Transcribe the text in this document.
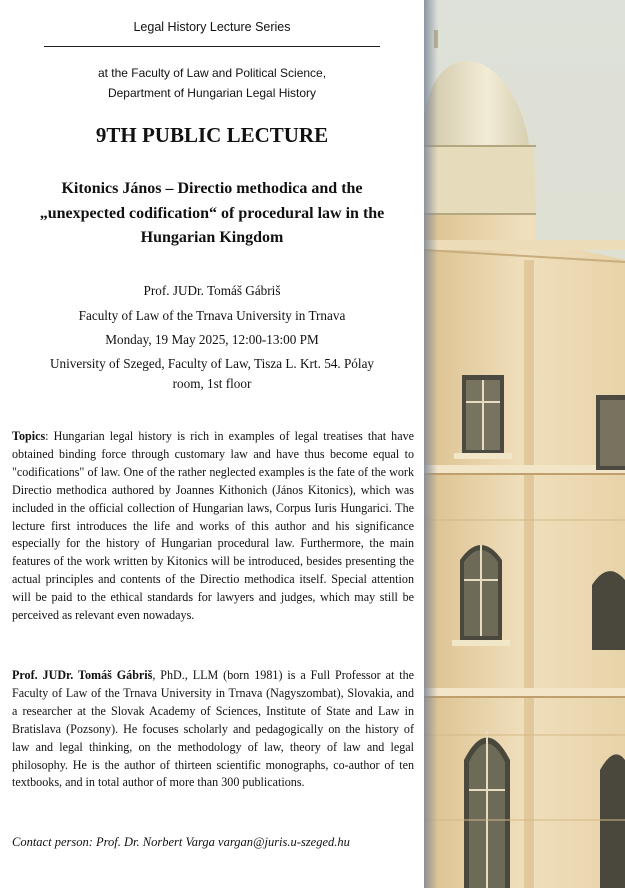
Legal History Lecture Series
at the Faculty of Law and Political Science,
Department of Hungarian Legal History
9TH PUBLIC LECTURE
Kitonics János – Directio methodica and the
„unexpected codification“ of procedural law in the
Hungarian Kingdom
Prof. JUDr. Tomáš Gábriš
Faculty of Law of the Trnava University in Trnava
Monday, 19 May 2025, 12:00-13:00 PM
University of Szeged, Faculty of Law, Tisza L. Krt. 54. Pólay
room, 1st floor
Topics: Hungarian legal history is rich in examples of legal treatises that have obtained binding force through customary law and have thus become equal to "codifications" of law. One of the rather neglected examples is the fate of the work Directio methodica authored by Joannes Kithonich (János Kitonics), which was included in the official collection of Hungarian laws, Corpus Iuris Hungarici. The lecture first introduces the life and works of this author and his significance especially for the history of Hungarian procedural law. Furthermore, the main features of the work written by Kitonics will be introduced, besides presenting the actual principles and contents of the Directio methodica itself. Special attention will be paid to the ethical standards for lawyers and judges, which may still be perceived as relevant even nowadays.
Prof. JUDr. Tomáš Gábriš, PhD., LLM (born 1981) is a Full Professor at the Faculty of Law of the Trnava University in Trnava (Nagyszombat), Slovakia, and a researcher at the Slovak Academy of Sciences, Institute of State and Law in Bratislava (Pozsony). He focuses scholarly and pedagogically on the history of law and legal thinking, on the methodology of law, theory of law and legal philosophy. He is the author of thirteen scientific monographs, co-author of ten textbooks, and in total author of more than 300 publications.
Contact person: Prof. Dr. Norbert Varga vargan@juris.u-szeged.hu
